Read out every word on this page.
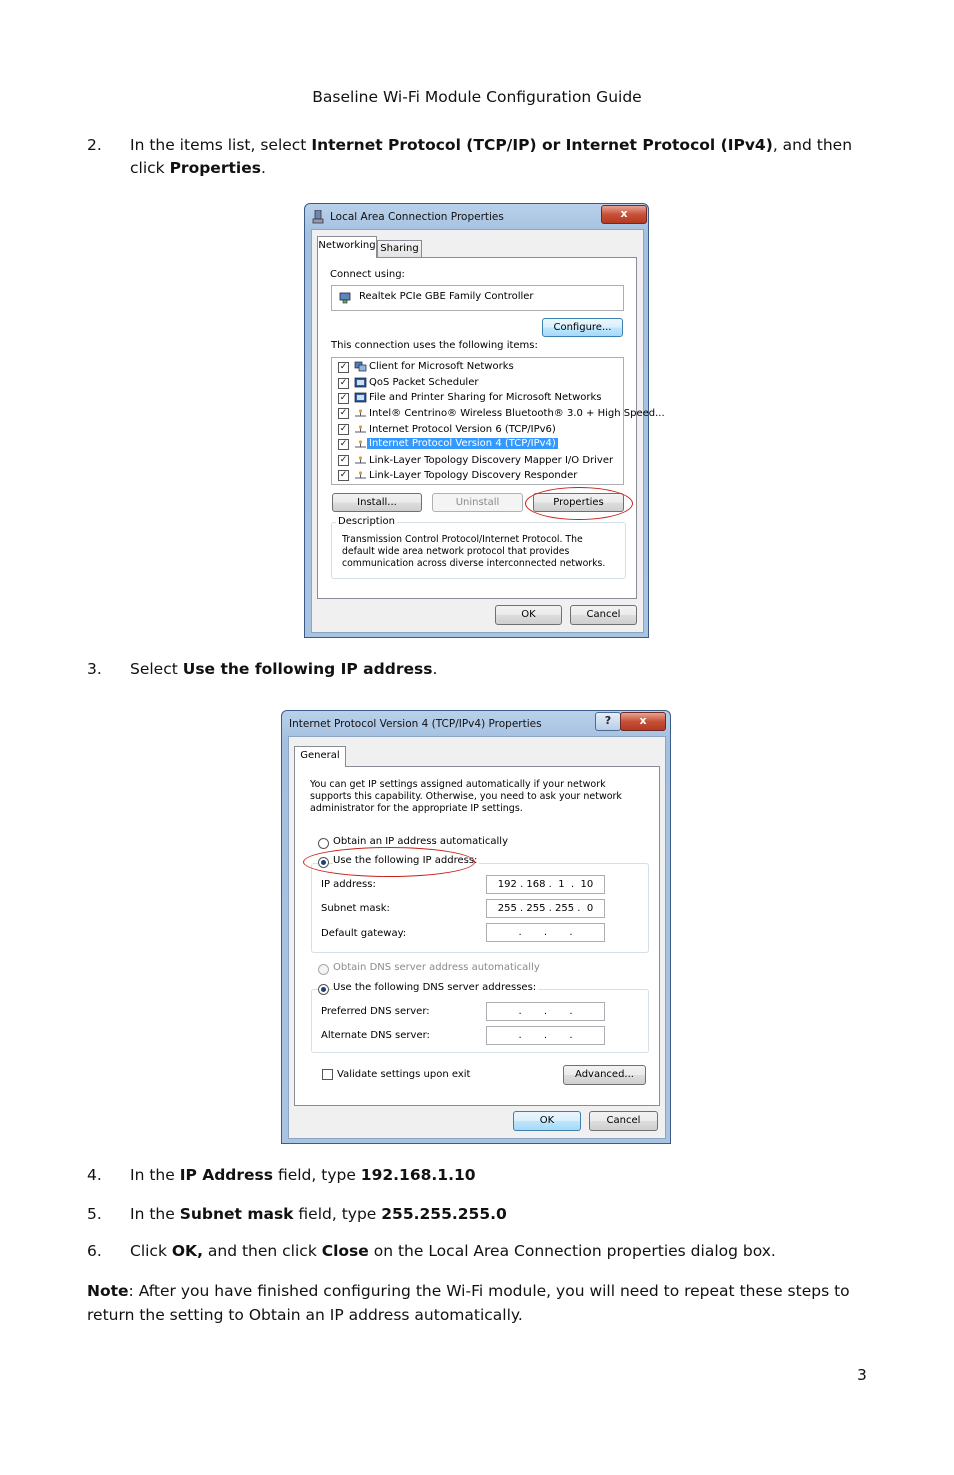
Baseline Wi-Fi Module Configuration Guide
2. In the items list, select Internet Protocol (TCP/IP) or Internet Protocol (IPv4), and then click Properties.
Local Area Connection Properties	x
Networking Sharing
Connect using:
Realtek PCIe GBE Family Controller
Configure...
This connection uses the following items:
✓ Client for Microsoft Networks
✓ QoS Packet Scheduler
✓ File and Printer Sharing for Microsoft Networks
✓ Intel® Centrino® Wireless Bluetooth® 3.0 + High Speed...
✓ Internet Protocol Version 6 (TCP/IPv6)
✓ Internet Protocol Version 4 (TCP/IPv4)
✓ Link-Layer Topology Discovery Mapper I/O Driver
✓ Link-Layer Topology Discovery Responder
Install...	Uninstall	Properties
Description
Transmission Control Protocol/Internet Protocol. The default wide area network protocol that provides communication across diverse interconnected networks.
OK	Cancel
3. Select Use the following IP address.
Internet Protocol Version 4 (TCP/IPv4) Properties	?	x
General
You can get IP settings assigned automatically if your network supports this capability. Otherwise, you need to ask your network administrator for the appropriate IP settings.
Obtain an IP address automatically
Use the following IP address:
IP address:	192 . 168 .  1  .  10
Subnet mask:	255 . 255 . 255 .  0
Default gateway:	.       .       .
Obtain DNS server address automatically
Use the following DNS server addresses:
Preferred DNS server:	.       .       .
Alternate DNS server:	.       .       .
Validate settings upon exit	Advanced...
OK	Cancel
4. In the IP Address field, type 192.168.1.10
5. In the Subnet mask field, type 255.255.255.0
6. Click OK, and then click Close on the Local Area Connection properties dialog box.
Note: After you have finished configuring the Wi-Fi module, you will need to repeat these steps to return the setting to Obtain an IP address automatically.
3
